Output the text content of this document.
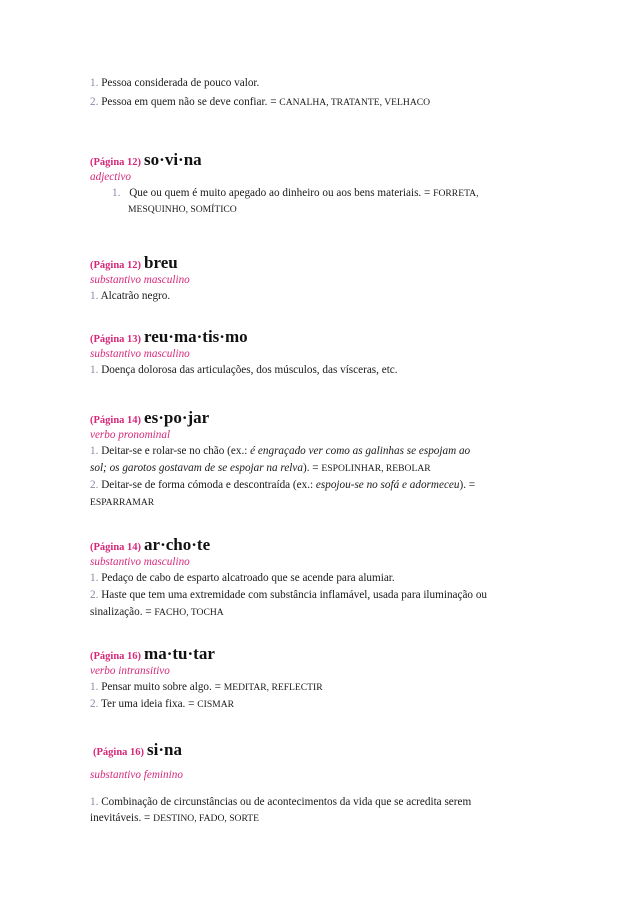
1. Pessoa considerada de pouco valor.
2. Pessoa em quem não se deve confiar. = CANALHA, TRATANTE, VELHACO
(Página 12) so·vi·na
adjectivo
1. Que ou quem é muito apegado ao dinheiro ou aos bens materiais. = FORRETA,
MESQUINHO, SOMÍTICO
(Página 12) breu
substantivo masculino
1. Alcatrão negro.
(Página 13) reu·ma·tis·mo
substantivo masculino
1. Doença dolorosa das articulações, dos músculos, das vísceras, etc.
(Página 14) es·po·jar
verbo pronominal
1. Deitar-se e rolar-se no chão (ex.: é engraçado ver como as galinhas se espojam ao
sol; os garotos gostavam de se espojar na relva). = ESPOLINHAR, REBOLAR
2. Deitar-se de forma cómoda e descontraída (ex.: espojou-se no sofá e adormeceu). =
ESPARRAMAR
(Página 14) ar·cho·te
substantivo masculino
1. Pedaço de cabo de esparto alcatroado que se acende para alumiar.
2. Haste que tem uma extremidade com substância inflamável, usada para iluminação ou
sinalização. = FACHO, TOCHA
(Página 16) ma·tu·tar
verbo intransitivo
1. Pensar muito sobre algo. = MEDITAR, REFLECTIR
2. Ter uma ideia fixa. = CISMAR
(Página 16) si·na
substantivo feminino
1. Combinação de circunstâncias ou de acontecimentos da vida que se acredita serem
inevitáveis. = DESTINO, FADO, SORTE
